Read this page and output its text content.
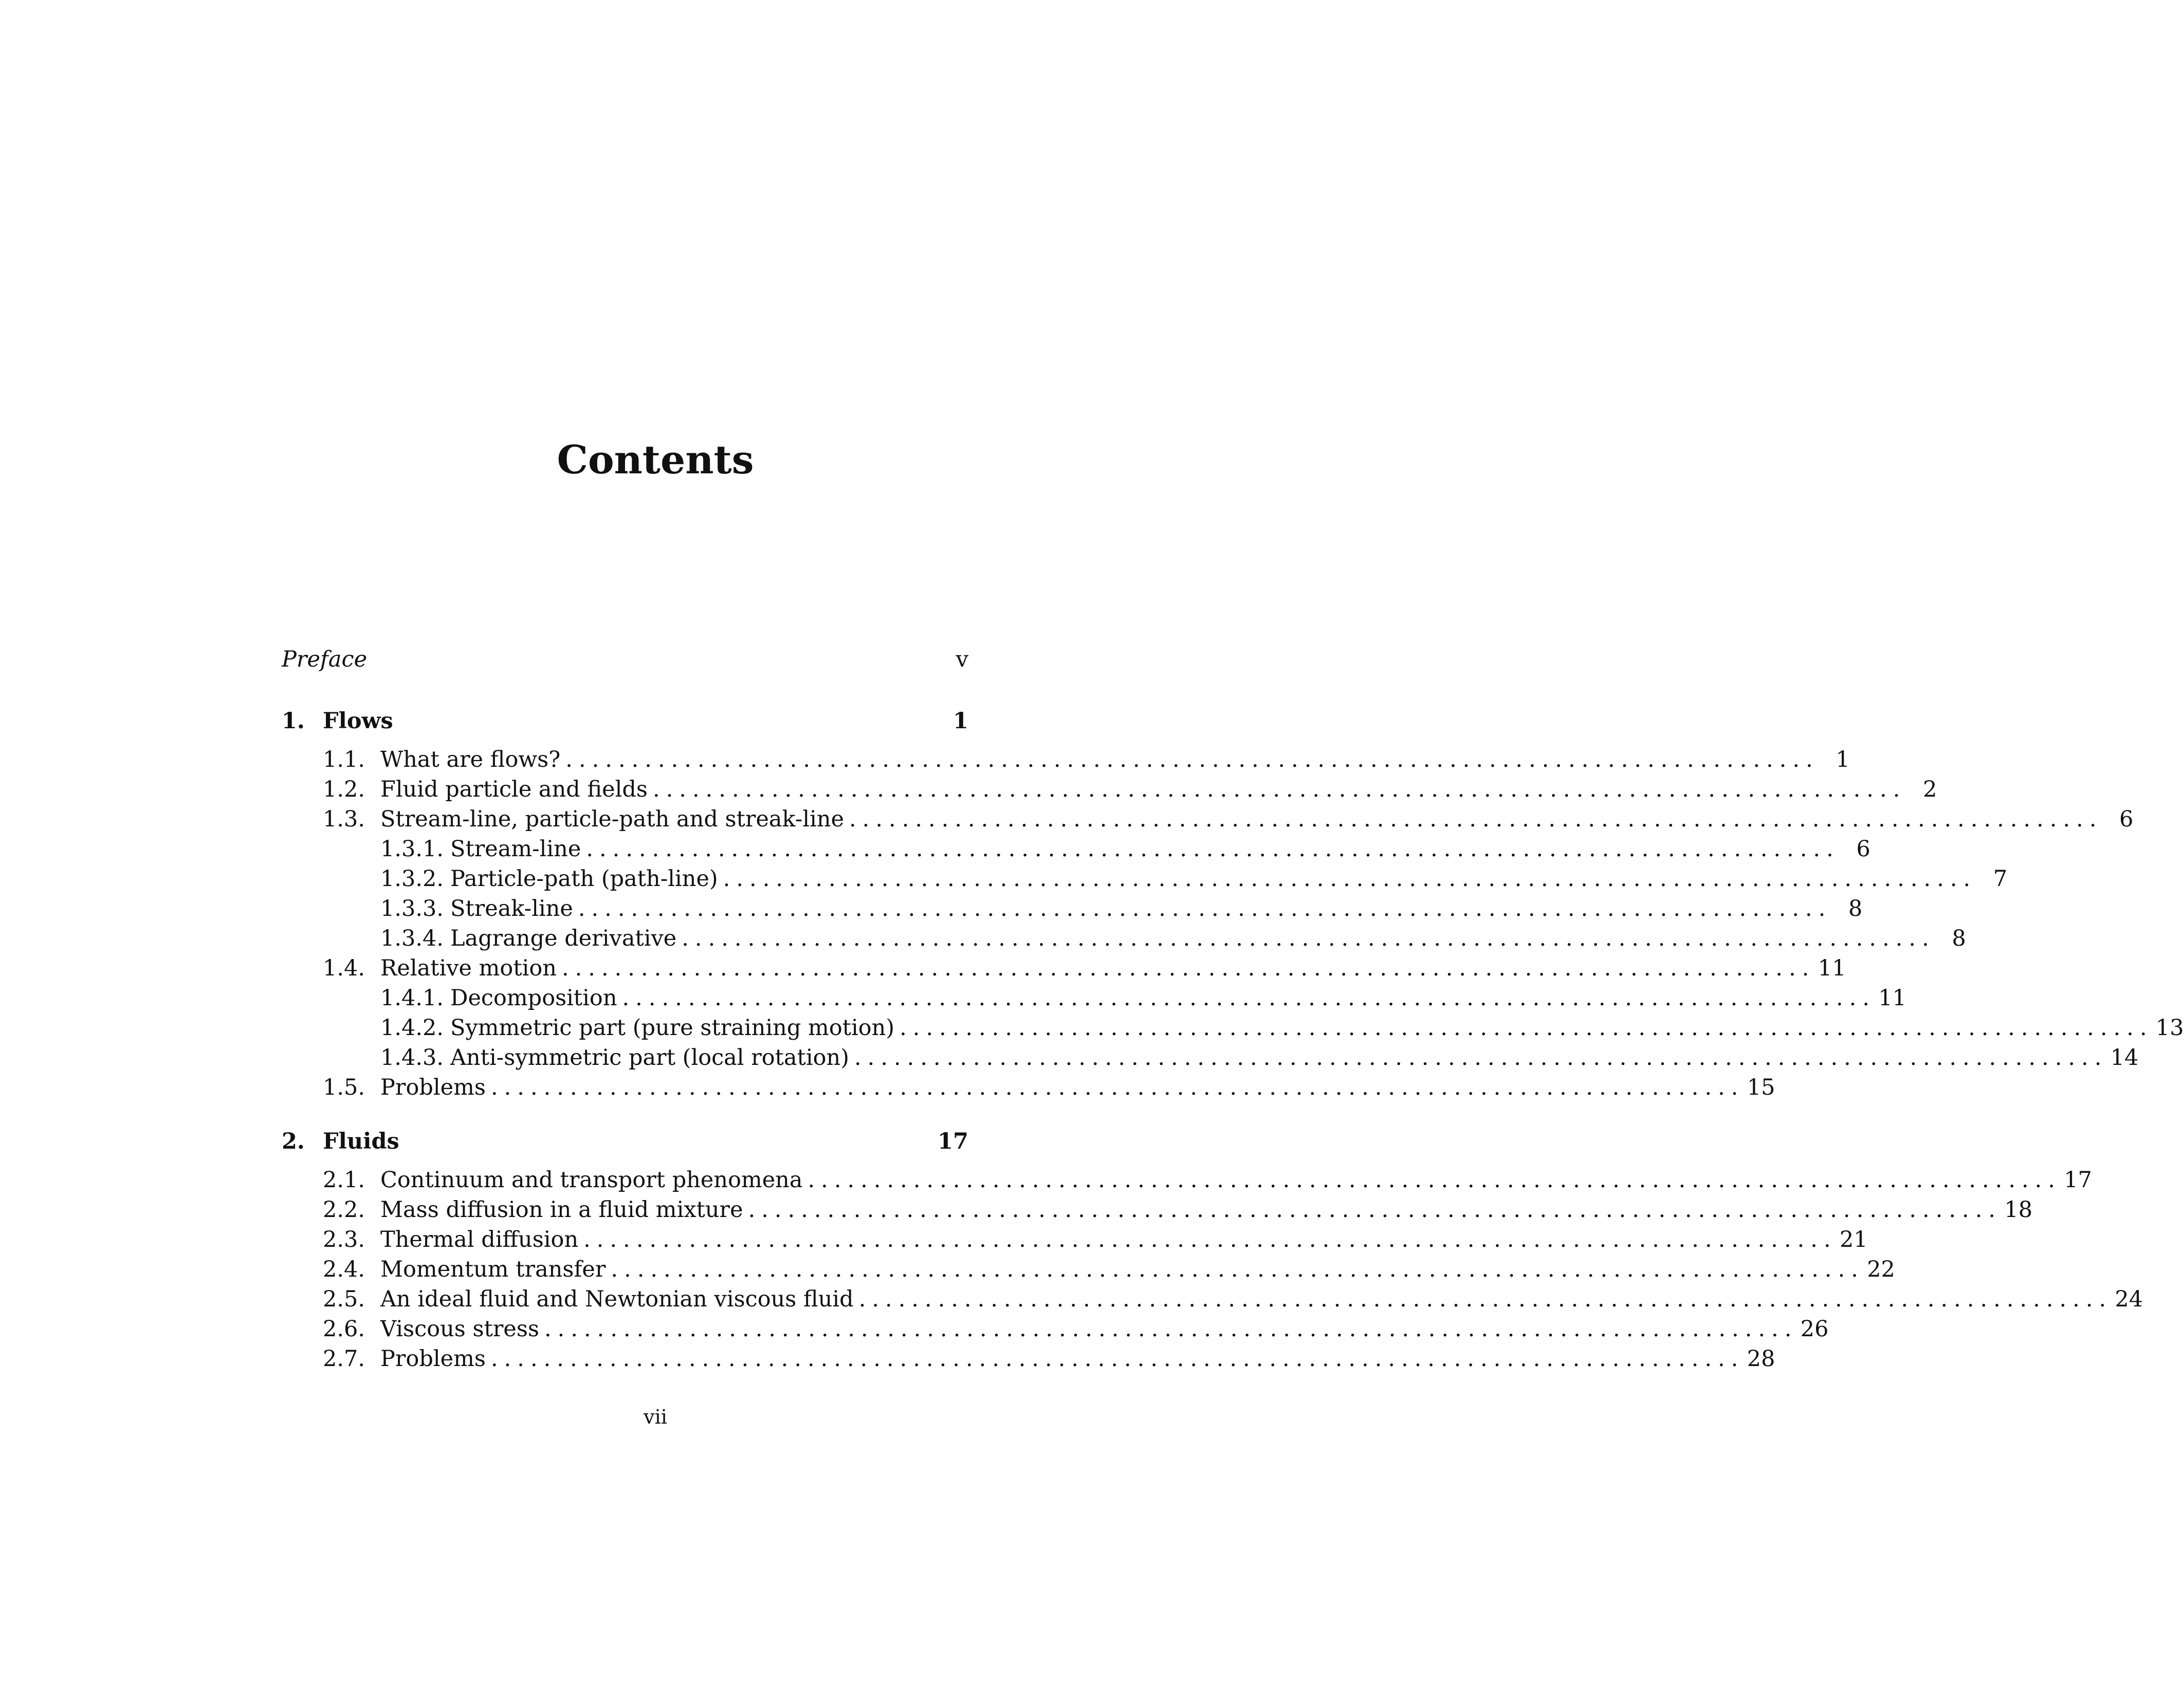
Contents
Preface	v
1. Flows	1
1.1. What are flows? ............................................................................................... 1
1.2. Fluid particle and fields ............................................................................................... 2
1.3. Stream-line, particle-path and streak-line ............................................................................................... 6
1.3.1. Stream-line ............................................................................................... 6
1.3.2. Particle-path (path-line) ............................................................................................... 7
1.3.3. Streak-line ............................................................................................... 8
1.3.4. Lagrange derivative ............................................................................................... 8
1.4. Relative motion ............................................................................................... 11
1.4.1. Decomposition ............................................................................................... 11
1.4.2. Symmetric part (pure straining motion) ............................................................................................... 13
1.4.3. Anti-symmetric part (local rotation) ............................................................................................... 14
1.5. Problems ............................................................................................... 15
2. Fluids	17
2.1. Continuum and transport phenomena ............................................................................................... 17
2.2. Mass diffusion in a fluid mixture ............................................................................................... 18
2.3. Thermal diffusion ............................................................................................... 21
2.4. Momentum transfer ............................................................................................... 22
2.5. An ideal fluid and Newtonian viscous fluid ............................................................................................... 24
2.6. Viscous stress ............................................................................................... 26
2.7. Problems ............................................................................................... 28
vii
